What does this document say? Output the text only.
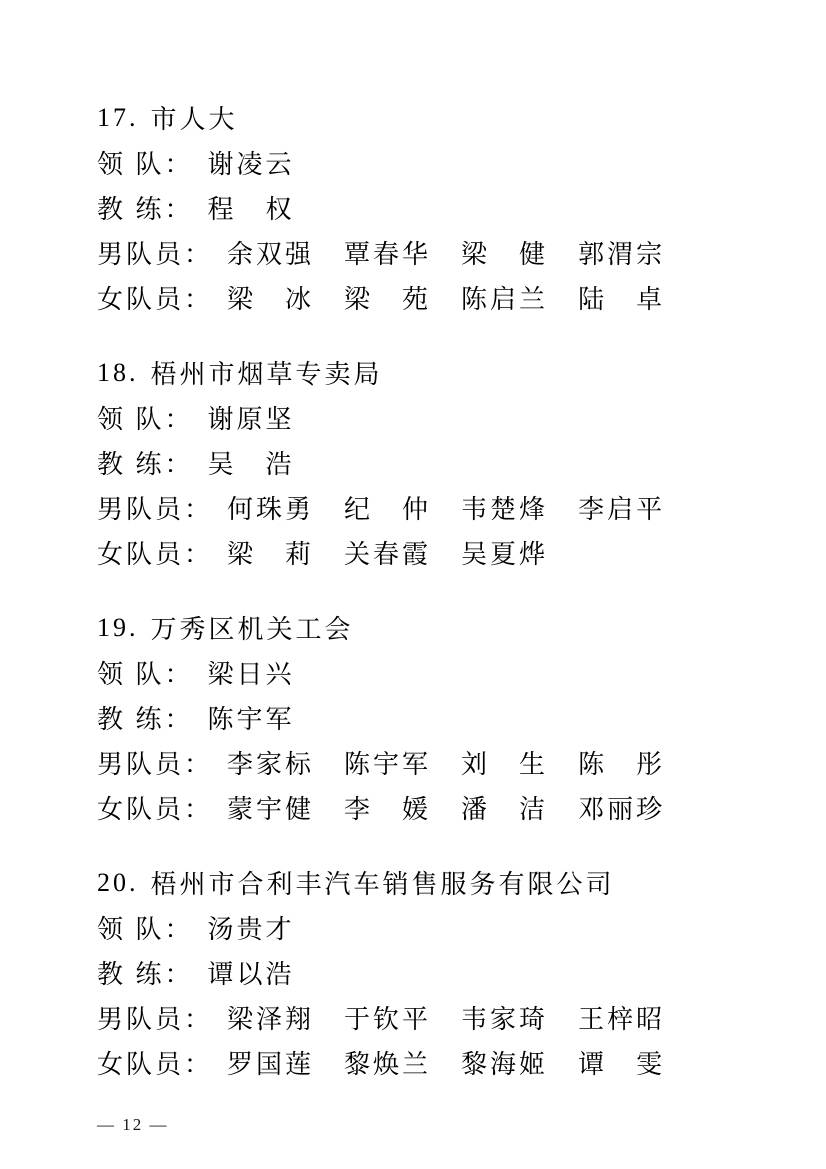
17. 市人大
领 队： 谢凌云
教 练： 程　权
男队员： 余双强 覃春华 梁　健 郭渭宗
女队员： 梁　冰 梁　苑 陈启兰 陆　卓
18. 梧州市烟草专卖局
领 队： 谢原坚
教 练： 吴　浩
男队员： 何珠勇 纪　仲 韦楚烽 李启平
女队员： 梁　莉 关春霞 吴夏烨
19. 万秀区机关工会
领 队： 梁日兴
教 练： 陈宇军
男队员： 李家标 陈宇军 刘　生 陈　彤
女队员： 蒙宇健 李　媛 潘　洁 邓丽珍
20. 梧州市合利丰汽车销售服务有限公司
领 队： 汤贵才
教 练： 谭以浩
男队员： 梁泽翔 于钦平 韦家琦 王梓昭
女队员： 罗国莲 黎焕兰 黎海姬 谭　雯
— 12 —
